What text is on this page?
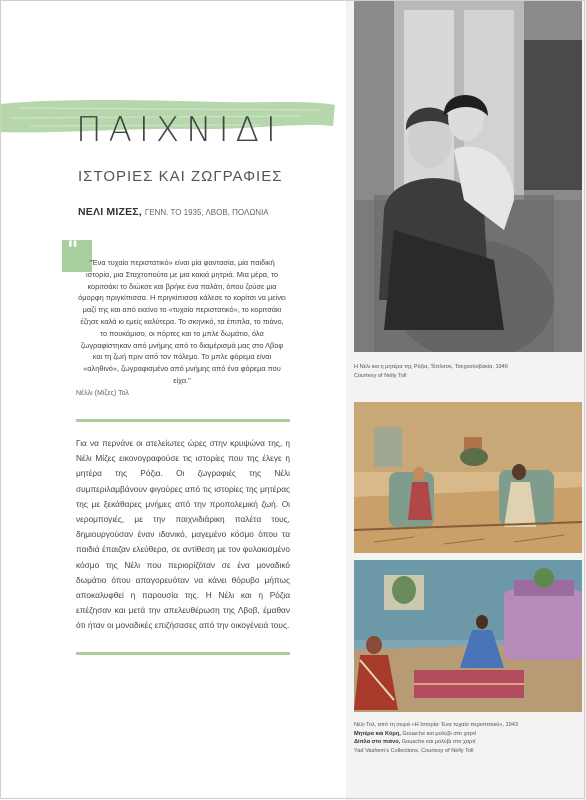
ΠΑΙΧΝΙΔΙ
ΙΣΤΟΡΙΕΣ ΚΑΙ ΖΩΓΡΑΦΙΕΣ
ΝΕΛΙ ΜΙΖΕΣ, ΓΕΝΝ. ΤΟ 1935, ΛΒΟΒ, ΠΟΛΩΝΙΑ
"	"Ένα τυχαίο περιστατικό» είναι μία φαντασία, μία παιδική ιστορία, μια Σταχτοπούτα με μια κακιά μητριά. Μια μέρα, το κοριτσάκι το διώκσε και βρήκε ένα παλάτι, όπου ζούσε μια όμορφη πριγκίπισσα. Η πριγκίπισσα κάλεσε το κορίτσι να μείνει μαζί της και από εκείνο το «τυχαίο περιστατικό», το κοριτσάκι έζησε καλά κι εμείς καλύτερα. Το σκηνικό, τα έπιπλα, το πιάνο, το πουκάμισο, οι πόρτες και το μπλε δωμάτιο, όλα ζωγραφίστηκαν από μνήμης από το διαμέρισμά μας στο Λβοφ και τη ζωή πριν από τον πόλεμο. Το μπλε φόρεμα είναι «αληθινό», ζωγραφισμένο από μνήμης από ένα φόρεμα που είχα."
Νέλλι (Μίζες) Τολ
Για να περνάνε οι ατελείωτες ώρες στην κρυψώνα της, η Νέλι Μίζες εικονογραφούσε τις ιστορίες που της έλεγε η μητέρα της Ρόζια. Οι ζωγραφιές της Νέλι συμπεριλαμβάνουν φιγούρες από τις ιστορίες της μητέρας της με ξεκάθαρες μνήμες από την προπολεμική ζωή. Οι νερομπογιές, με την παιχνιδιάρικη παλέτα τους, δημιουργούσαν έναν ιδανικό, μαγεμένο κόσμο όπου τα παιδιά έπαιζαν ελεύθερα, σε αντίθεση με τον φυλακισμένο κόσμο της Νέλι που περιορίζόταν σε ένα μοναδικό δωμάτιο όπου απαγορευόταν να κάνει θόρυβο μήπως αποκαλυφθεί η παρουσία της. Η Νέλι και η Ρόζια επέζησαν και μετά την απελευθέρωση της Λβοβ, έμαθαν ότι ήταν οι μοναδικές επιζήσασες από την οικογένειά τους.
Η Νέλι και η μητέρα της Ρόζια, Τέπλιτσε, Τσεχοσλοβακία, 1946
Courtesy of Nelly Toll
Νέλι Τολ, από τη σειρά «Η Ιστορία: Ένα τυχαίο περιστατικό», 1943
Μητέρα και Κόρη, Gouache και μολύβι στο χαρτί
Δίπλα στο πιάνο, Gouache και μολύβι στο χαρτί
Yad Vashem's Collections, Courtesy of Nelly Toll
